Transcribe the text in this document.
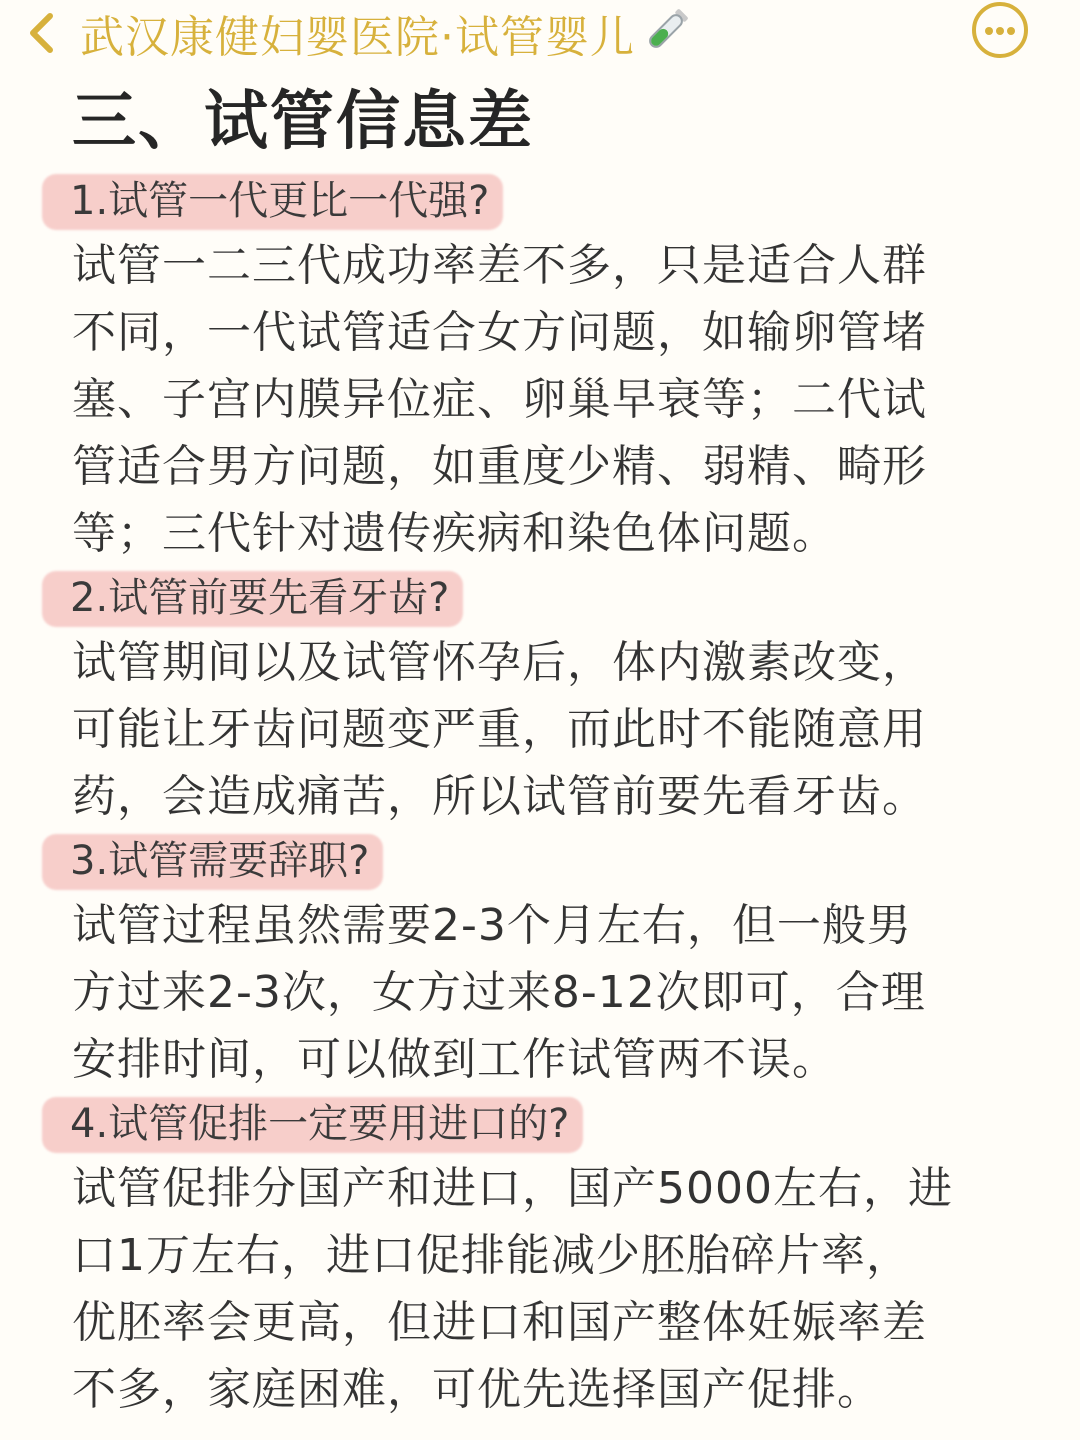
武汉康健妇婴医院·试管婴儿
三、试管信息差
1.试管一代更比一代强?

试管一二三代成功率差不多，只是适合人群
不同，一代试管适合女方问题，如输卵管堵
塞、子宫内膜异位症、卵巢早衰等；二代试
管适合男方问题，如重度少精、弱精、畸形
等；三代针对遗传疾病和染色体问题。

2.试管前要先看牙齿?

试管期间以及试管怀孕后，体内激素改变，
可能让牙齿问题变严重，而此时不能随意用
药，会造成痛苦，所以试管前要先看牙齿。

3.试管需要辞职?

试管过程虽然需要2-3个月左右，但一般男
方过来2-3次，女方过来8-12次即可，合理
安排时间，可以做到工作试管两不误。

4.试管促排一定要用进口的?

试管促排分国产和进口，国产5000左右，进
口1万左右，进口促排能减少胚胎碎片率，
优胚率会更高，但进口和国产整体妊娠率差
不多，家庭困难，可优先选择国产促排。
